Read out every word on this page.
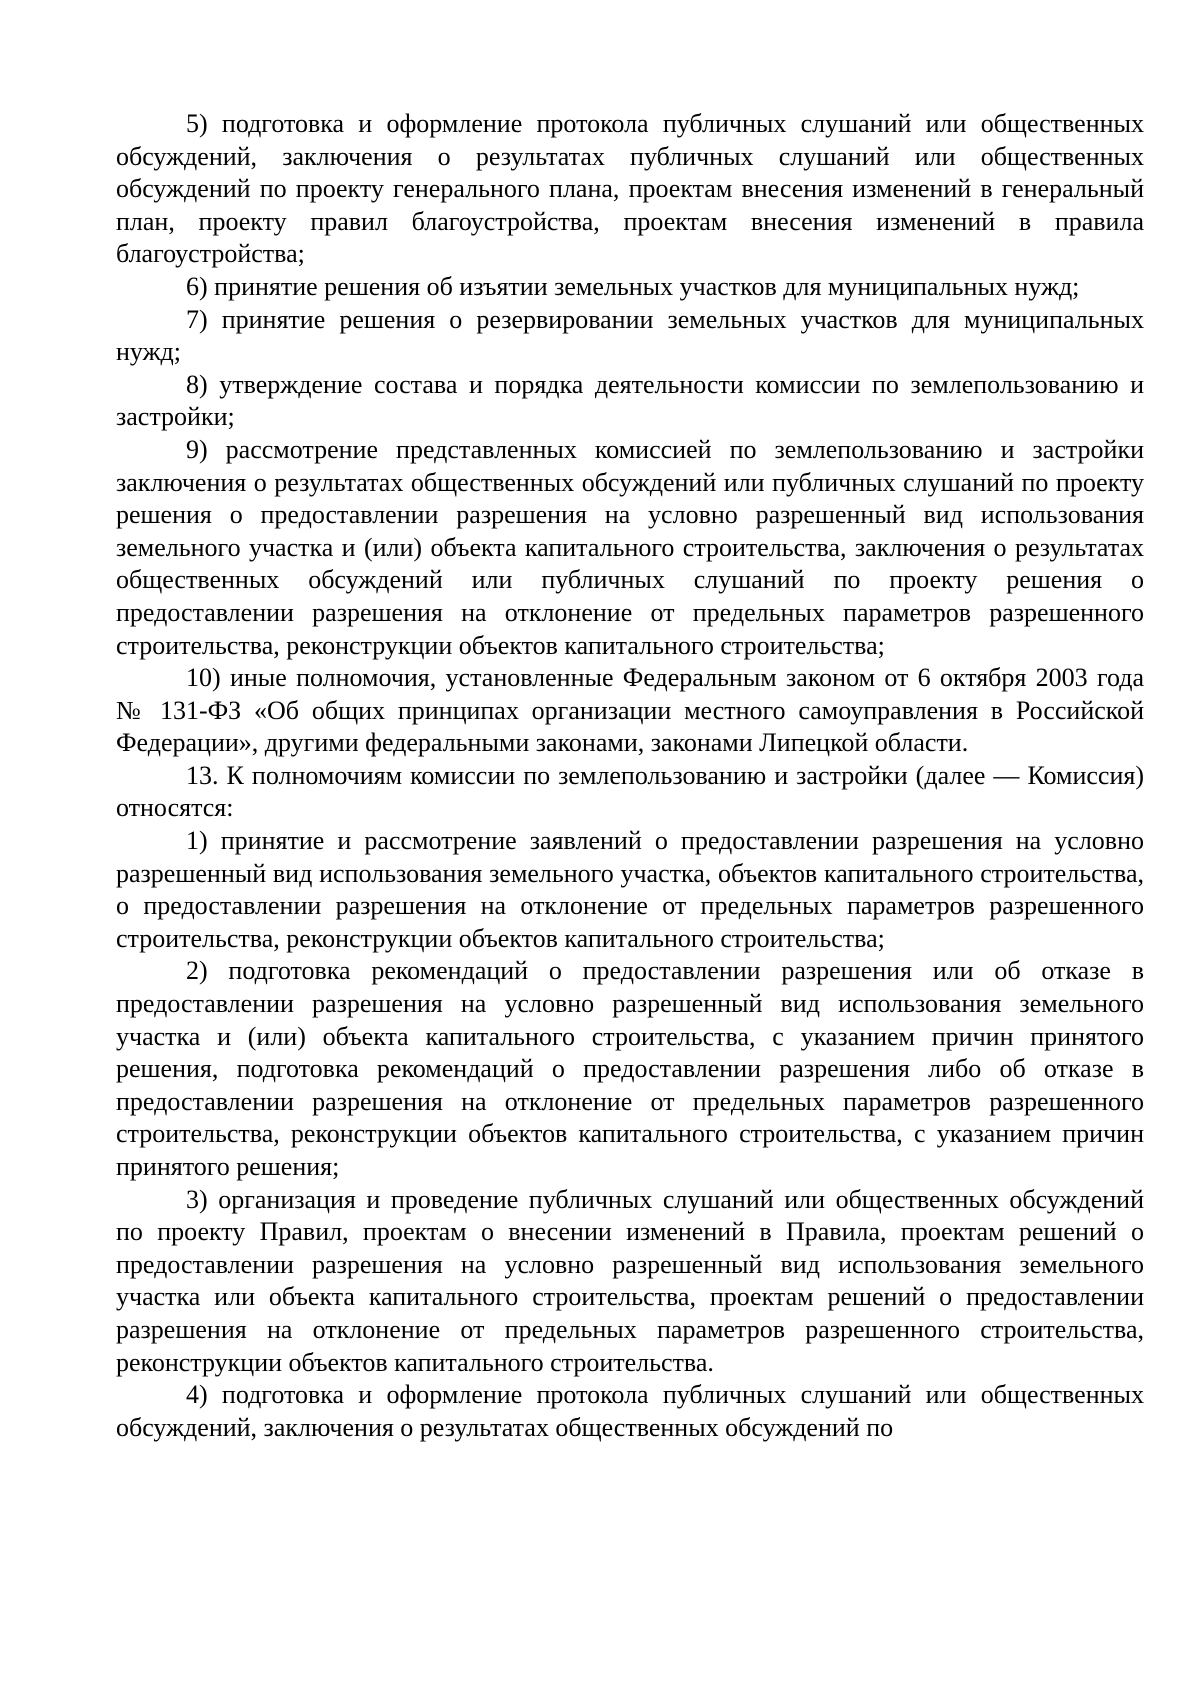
5) подготовка и оформление протокола публичных слушаний или общественных обсуждений, заключения о результатах публичных слушаний или общественных обсуждений по проекту генерального плана, проектам внесения изменений в генеральный план, проекту правил благоустройства, проектам внесения изменений в правила благоустройства;

6) принятие решения об изъятии земельных участков для муниципальных нужд;

7) принятие решения о резервировании земельных участков для муниципальных нужд;

8) утверждение состава и порядка деятельности комиссии по землепользованию и застройки;

9) рассмотрение представленных комиссией по землепользованию и застройки заключения о результатах общественных обсуждений или публичных слушаний по проекту решения о предоставлении разрешения на условно разрешенный вид использования земельного участка и (или) объекта капитального строительства, заключения о результатах общественных обсуждений или публичных слушаний по проекту решения о предоставлении разрешения на отклонение от предельных параметров разрешенного строительства, реконструкции объектов капитального строительства;

10) иные полномочия, установленные Федеральным законом от 6 октября 2003 года № 131-ФЗ «Об общих принципах организации местного самоуправления в Российской Федерации», другими федеральными законами, законами Липецкой области.

13. К полномочиям комиссии по землепользованию и застройки (далее — Комиссия) относятся:

1) принятие и рассмотрение заявлений о предоставлении разрешения на условно разрешенный вид использования земельного участка, объектов капитального строительства, о предоставлении разрешения на отклонение от предельных параметров разрешенного строительства, реконструкции объектов капитального строительства;

2) подготовка рекомендаций о предоставлении разрешения или об отказе в предоставлении разрешения на условно разрешенный вид использования земельного участка и (или) объекта капитального строительства, с указанием причин принятого решения, подготовка рекомендаций о предоставлении разрешения либо об отказе в предоставлении разрешения на отклонение от предельных параметров разрешенного строительства, реконструкции объектов капитального строительства, с указанием причин принятого решения;

3) организация и проведение публичных слушаний или общественных обсуждений по проекту Правил, проектам о внесении изменений в Правила, проектам решений о предоставлении разрешения на условно разрешенный вид использования земельного участка или объекта капитального строительства, проектам решений о предоставлении разрешения на отклонение от предельных параметров разрешенного строительства, реконструкции объектов капитального строительства.

4) подготовка и оформление протокола публичных слушаний или общественных обсуждений, заключения о результатах общественных обсуждений по
